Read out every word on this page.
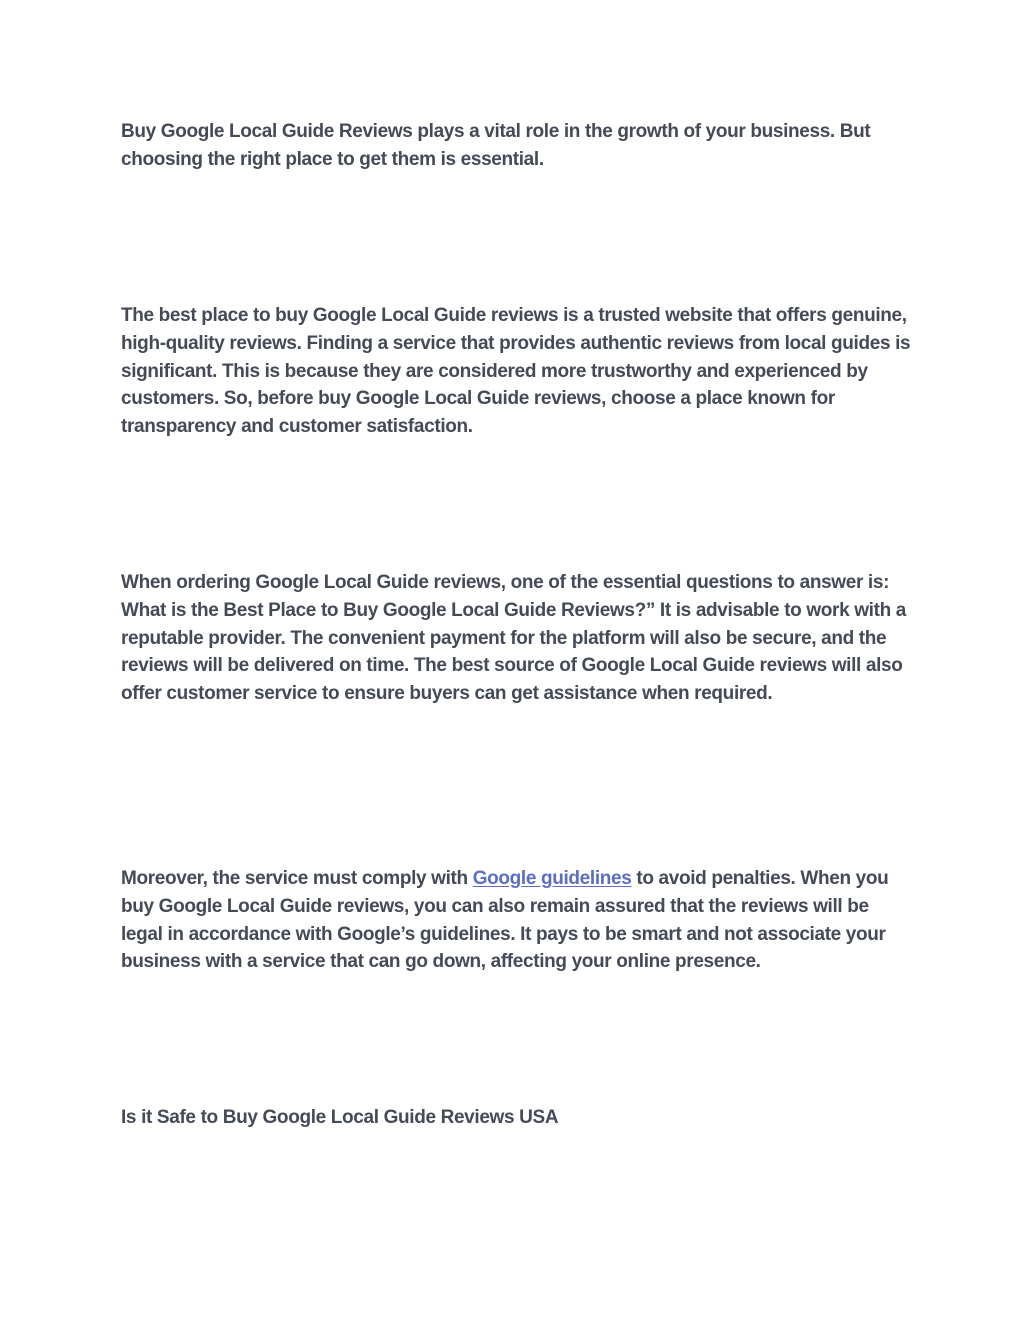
Buy Google Local Guide Reviews plays a vital role in the growth of your business. But choosing the right place to get them is essential.

The best place to buy Google Local Guide reviews is a trusted website that offers genuine, high-quality reviews. Finding a service that provides authentic reviews from local guides is significant. This is because they are considered more trustworthy and experienced by customers. So, before buy Google Local Guide reviews, choose a place known for transparency and customer satisfaction.

When ordering Google Local Guide reviews, one of the essential questions to answer is: What is the Best Place to Buy Google Local Guide Reviews?” It is advisable to work with a reputable provider. The convenient payment for the platform will also be secure, and the reviews will be delivered on time. The best source of Google Local Guide reviews will also offer customer service to ensure buyers can get assistance when required.

Moreover, the service must comply with Google guidelines to avoid penalties. When you buy Google Local Guide reviews, you can also remain assured that the reviews will be legal in accordance with Google’s guidelines. It pays to be smart and not associate your business with a service that can go down, affecting your online presence.

Is it Safe to Buy Google Local Guide Reviews USA
